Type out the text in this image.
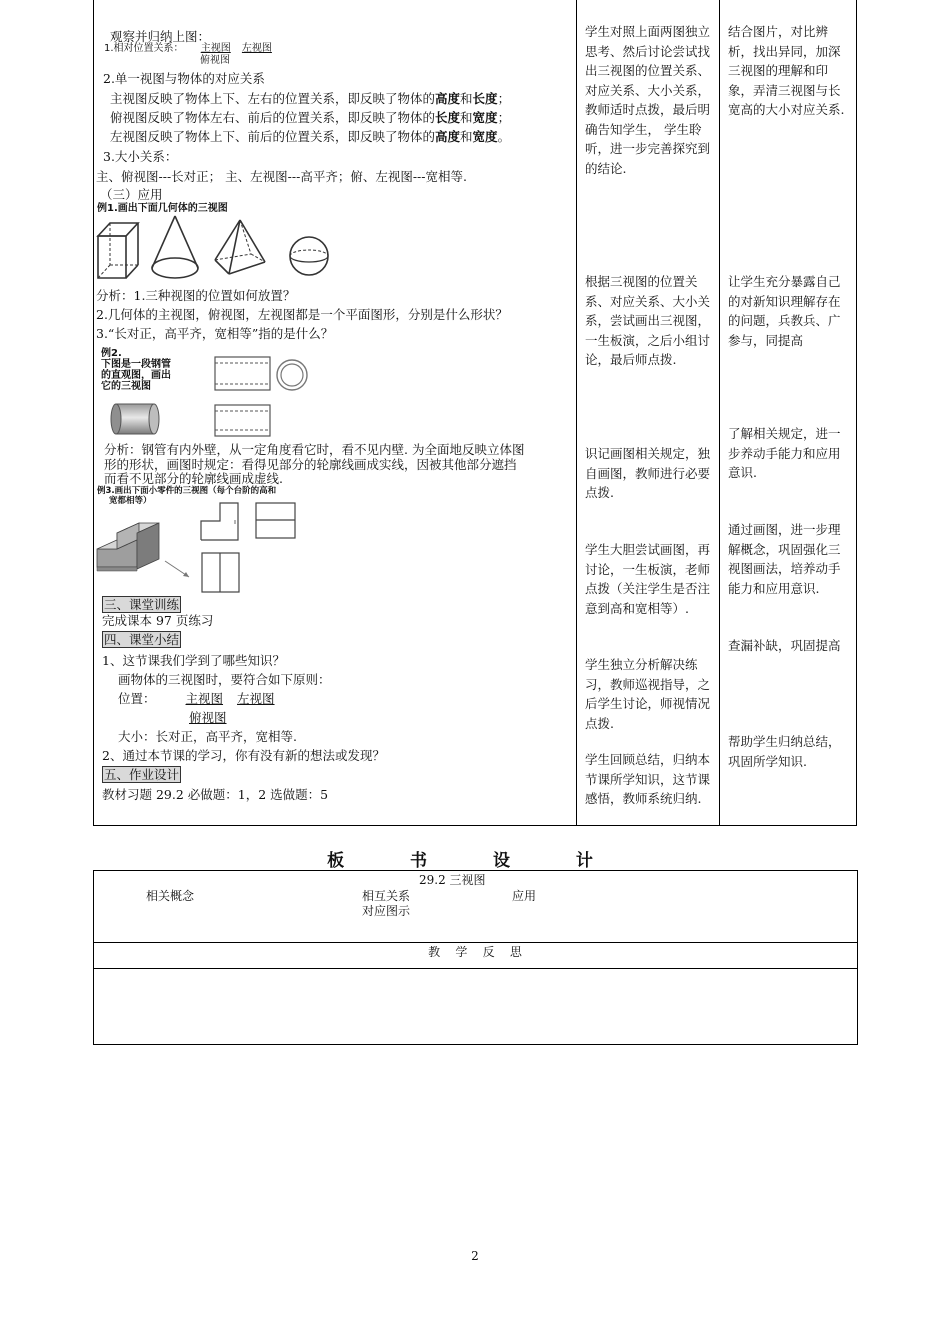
观察并归纳上图：
1.相对位置关系： 主视图 左视图
俯视图
2.单一视图与物体的对应关系
主视图反映了物体上下、左右的位置关系，即反映了物体的高度和长度；
俯视图反映了物体左右、前后的位置关系，即反映了物体的长度和宽度；
左视图反映了物体上下、前后的位置关系，即反映了物体的高度和宽度。
3.大小关系：
主、俯视图---长对正； 主、左视图---高平齐；俯、左视图---宽相等.
（三）应用
例1.画出下面几何体的三视图
分析：1.三种视图的位置如何放置？
2.几何体的主视图，俯视图，左视图都是一个平面图形，分别是什么形状？
3.“长对正，高平齐，宽相等”指的是什么？
例2.
下图是一段钢管
的直观图，画出
它的三视图
分析：钢管有内外壁，从一定角度看它时，看不见内壁. 为全面地反映立体图
形的形状，画图时规定：看得见部分的轮廓线画成实线，因被其他部分遮挡
而看不见部分的轮廓线画成虚线.
例3.画出下面小零件的三视图（每个台阶的高和
宽都相等）
三、课堂训练
完成课本 97 页练习
四、课堂小结
1、这节课我们学到了哪些知识？
画物体的三视图时，要符合如下原则：
位置： 主视图 左视图
俯视图
大小：长对正，高平齐，宽相等.
2、通过本节课的学习，你有没有新的想法或发现？
五、作业设计
教材习题 29.2 必做题：1，2 选做题：5
学生对照上面两图独立思考、然后讨论尝试找出三视图的位置关系、对应关系、大小关系，教师适时点拨，最后明确告知学生， 学生聆听，进一步完善探究到的结论.
根据三视图的位置关系、对应关系、大小关系，尝试画出三视图，一生板演，之后小组讨论，最后师点拨.
识记画图相关规定，独自画图，教师进行必要点拨.
学生大胆尝试画图，再讨论，一生板演，老师点拨（关注学生是否注意到高和宽相等）.
学生独立分析解决练习，教师巡视指导，之后学生讨论，师视情况点拨.
学生回顾总结，归纳本节课所学知识，这节课感悟，教师系统归纳.
结合图片，对比辨析，找出异同，加深三视图的理解和印象，弄清三视图与长宽高的大小对应关系.
让学生充分暴露自己的对新知识理解存在的问题，兵教兵、广参与，同提高
了解相关规定，进一步养动手能力和应用意识.
通过画图，进一步理解概念，巩固强化三视图画法，培养动手能力和应用意识.
查漏补缺，巩固提高
帮助学生归纳总结，巩固所学知识.
板 书 设 计
29.2 三视图
相关概念	相互关系	应用
对应图示
教    学    反    思
2
